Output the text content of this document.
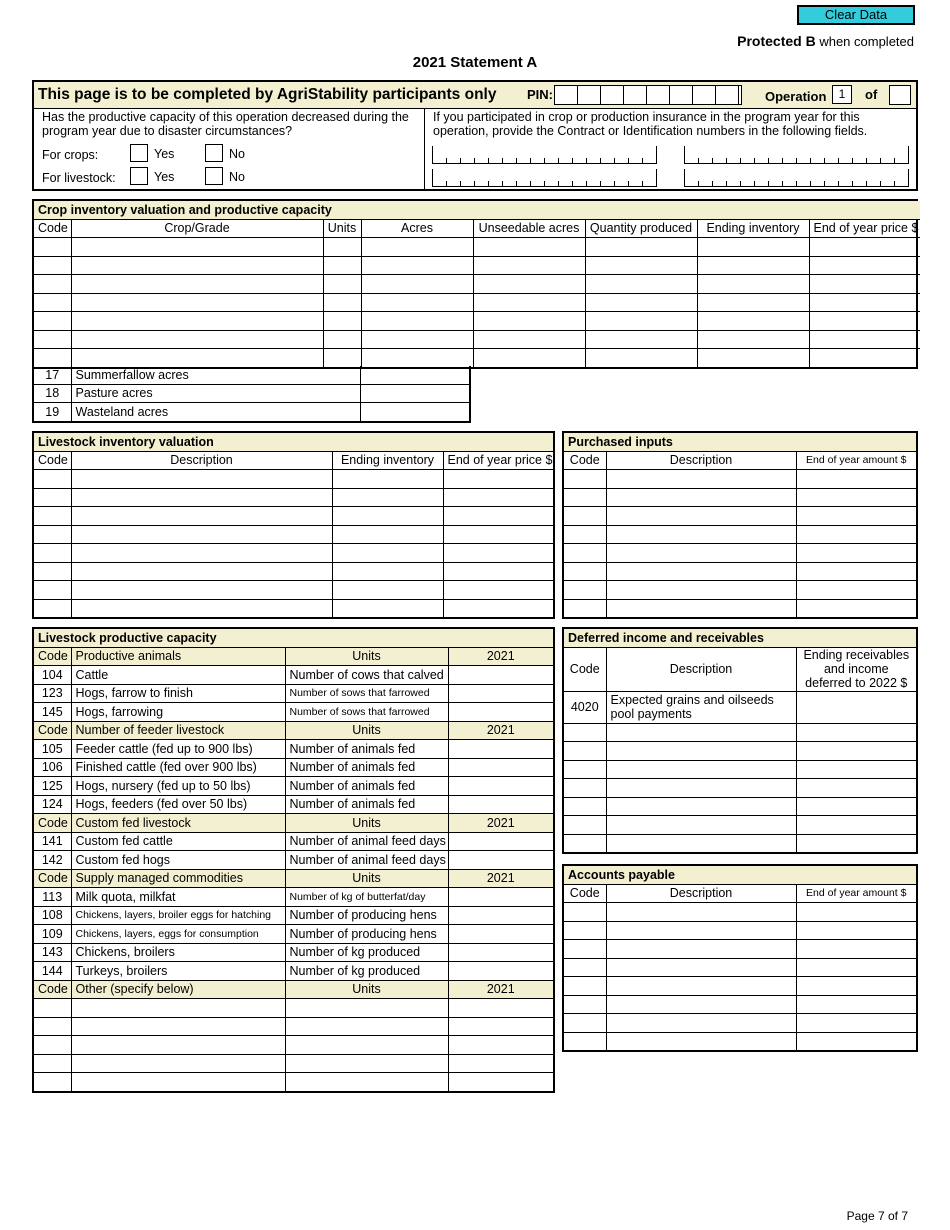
Clear Data
Protected B when completed
2021 Statement A
This page is to be completed by AgriStability participants only PIN:	Operation	1	of
Has the productive capacity of this operation decreased during the program year due to disaster circumstances?
For crops:	Yes	No
For livestock:	Yes	No
If you participated in crop or production insurance in the program year for this operation, provide the Contract or Identification numbers in the following fields.
Crop inventory valuation and productive capacity							
Code	Crop/Grade	Units	Acres	Unseedable acres	Quantity produced	Ending inventory	End of year price $

17	Summerfallow acres	
18	Pasture acres	
19	Wasteland acres	
Livestock inventory valuation			
Code	Description	Ending inventory	End of year price $

Purchased inputs		
Code	Description	End of year amount $

Livestock productive capacity			
Code	Productive animals	Units	2021
104	Cattle	Number of cows that calved	
123	Hogs, farrow to finish	Number of sows that farrowed	
145	Hogs, farrowing	Number of sows that farrowed	
Code	Number of feeder livestock	Units	2021
105	Feeder cattle (fed up to 900 lbs)	Number of animals fed	
106	Finished cattle (fed over 900 lbs)	Number of animals fed	
125	Hogs, nursery (fed up to 50 lbs)	Number of animals fed	
124	Hogs, feeders (fed over 50 lbs)	Number of animals fed	
Code	Custom fed livestock	Units	2021
141	Custom fed cattle	Number of animal feed days	
142	Custom fed hogs	Number of animal feed days	
Code	Supply managed commodities	Units	2021
113	Milk quota, milkfat	Number of kg of butterfat/day	
108	Chickens, layers, broiler eggs for hatching	Number of producing hens	
109	Chickens, layers, eggs for consumption	Number of producing hens	
143	Chickens, broilers	Number of kg produced	
144	Turkeys, broilers	Number of kg produced	
Code	Other (specify below)	Units	2021

Deferred income and receivables		
Code	Description	Ending receivables and income deferred to 2022 $
4020	Expected grains and oilseeds pool payments	

Accounts payable		
Code	Description	End of year amount $

Page 7 of 7
